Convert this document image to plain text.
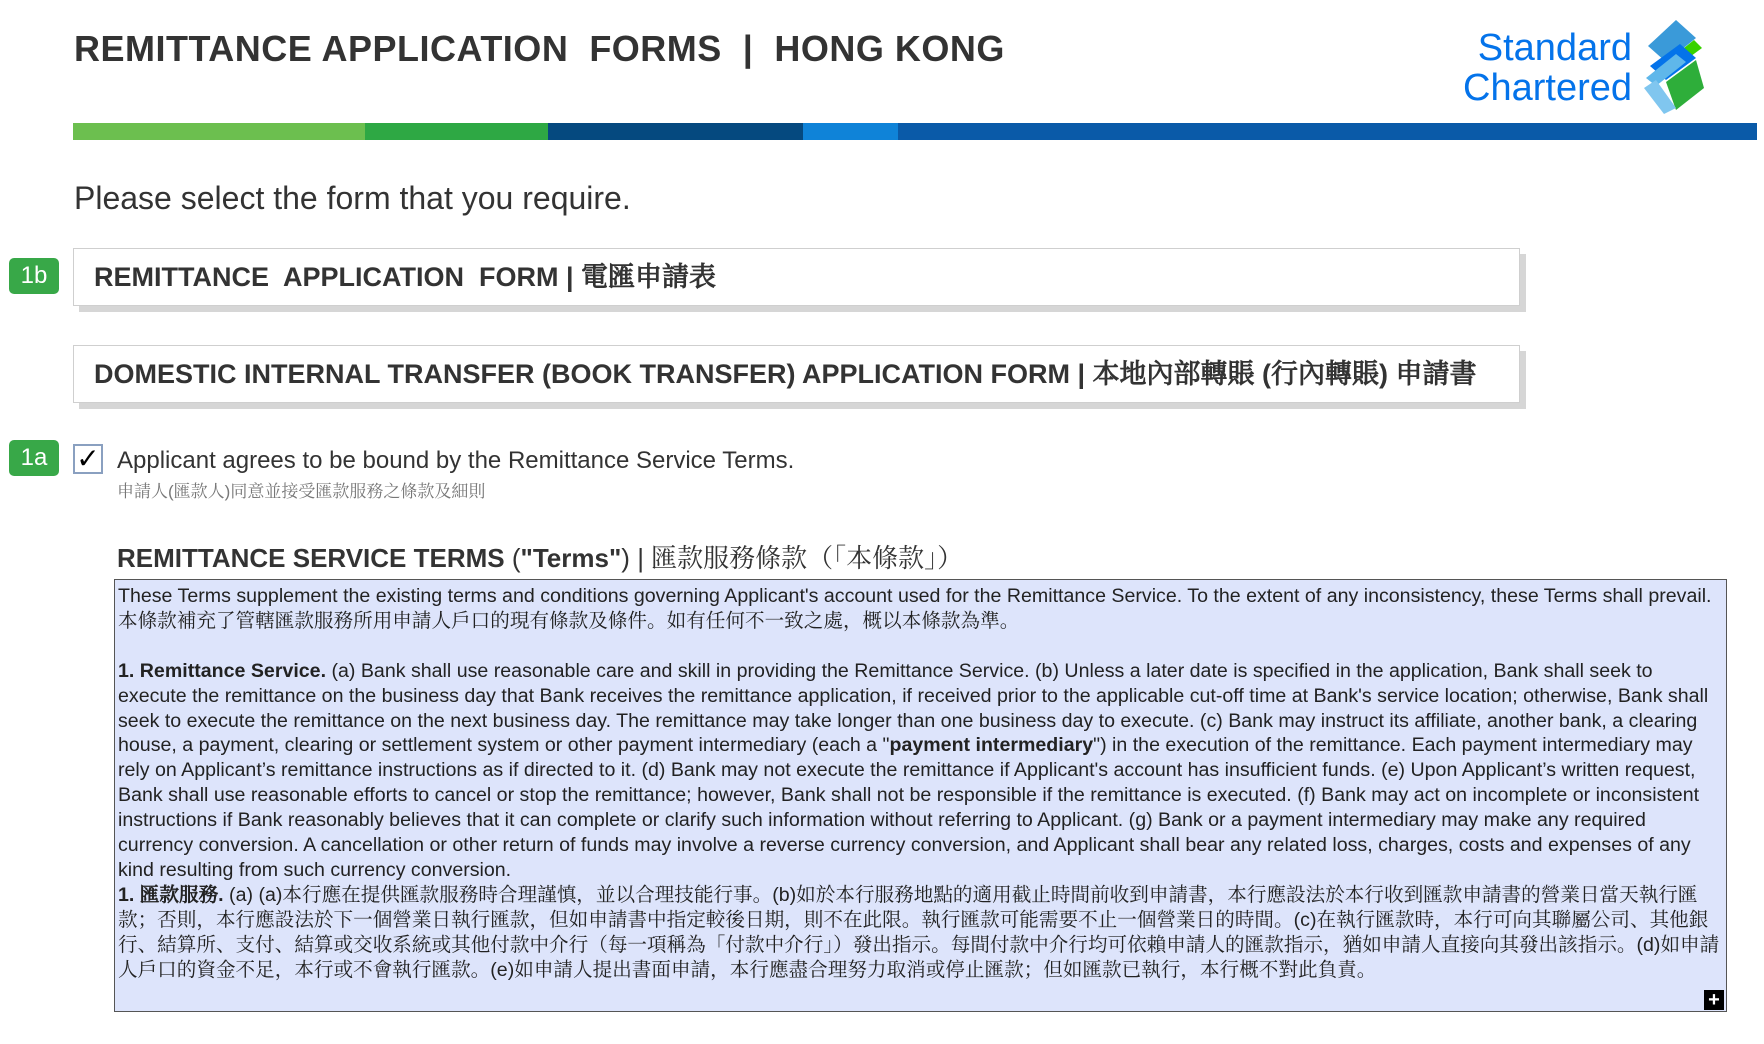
REMITTANCE APPLICATION  FORMS  |  HONG KONG	Standard
Chartered
Please select the form that you require.
1b	REMITTANCE  APPLICATION  FORM | 電匯申請表
DOMESTIC INTERNAL TRANSFER (BOOK TRANSFER) APPLICATION FORM | 本地內部轉賬 (行內轉賬) 申請書
1a	✓ Applicant agrees to be bound by the Remittance Service Terms.
申請人(匯款人)同意並接受匯款服務之條款及細則
REMITTANCE SERVICE TERMS ("Terms") | 匯款服務條款（「本條款」）

These Terms supplement the existing terms and conditions governing Applicant's account used for the Remittance Service. To the extent of any inconsistency, these Terms shall prevail.

本條款補充了管轄匯款服務所用申請人戶口的現有條款及條件。如有任何不一致之處，概以本條款為準。

1. Remittance Service. (a) Bank shall use reasonable care and skill in providing the Remittance Service. (b) Unless a later date is specified in the application, Bank shall seek to execute the remittance on the business day that Bank receives the remittance application, if received prior to the applicable cut-off time at Bank's service location; otherwise, Bank shall seek to execute the remittance on the next business day. The remittance may take longer than one business day to execute. (c) Bank may instruct its affiliate, another bank, a clearing house, a payment, clearing or settlement system or other payment intermediary (each a "payment intermediary") in the execution of the remittance. Each payment intermediary may rely on Applicant’s remittance instructions as if directed to it. (d) Bank may not execute the remittance if Applicant's account has insufficient funds. (e) Upon Applicant’s written request, Bank shall use reasonable efforts to cancel or stop the remittance; however, Bank shall not be responsible if the remittance is executed. (f) Bank may act on incomplete or inconsistent instructions if Bank reasonably believes that it can complete or clarify such information without referring to Applicant. (g) Bank or a payment intermediary may make any required currency conversion. A cancellation or other return of funds may involve a reverse currency conversion, and Applicant shall bear any related loss, charges, costs and expenses of any kind resulting from such currency conversion.

1. 匯款服務. (a) (a)本行應在提供匯款服務時合理謹慎，並以合理技能行事。(b)如於本行服務地點的適用截止時間前收到申請書，本行應設法於本行收到匯款申請書的營業日當天執行匯款；否則，本行應設法於下一個營業日執行匯款，但如申請書中指定較後日期，則不在此限。執行匯款可能需要不止一個營業日的時間。(c)在執行匯款時，本行可向其聯屬公司、其他銀行、結算所、支付、結算或交收系統或其他付款中介行（每一項稱為「付款中介行」）發出指示。每間付款中介行均可依賴申請人的匯款指示，猶如申請人直接向其發出該指示。(d)如申請人戶口的資金不足，本行或不會執行匯款。(e)如申請人提出書面申請，本行應盡合理努力取消或停止匯款；但如匯款已執行，本行概不對此負責。

+
